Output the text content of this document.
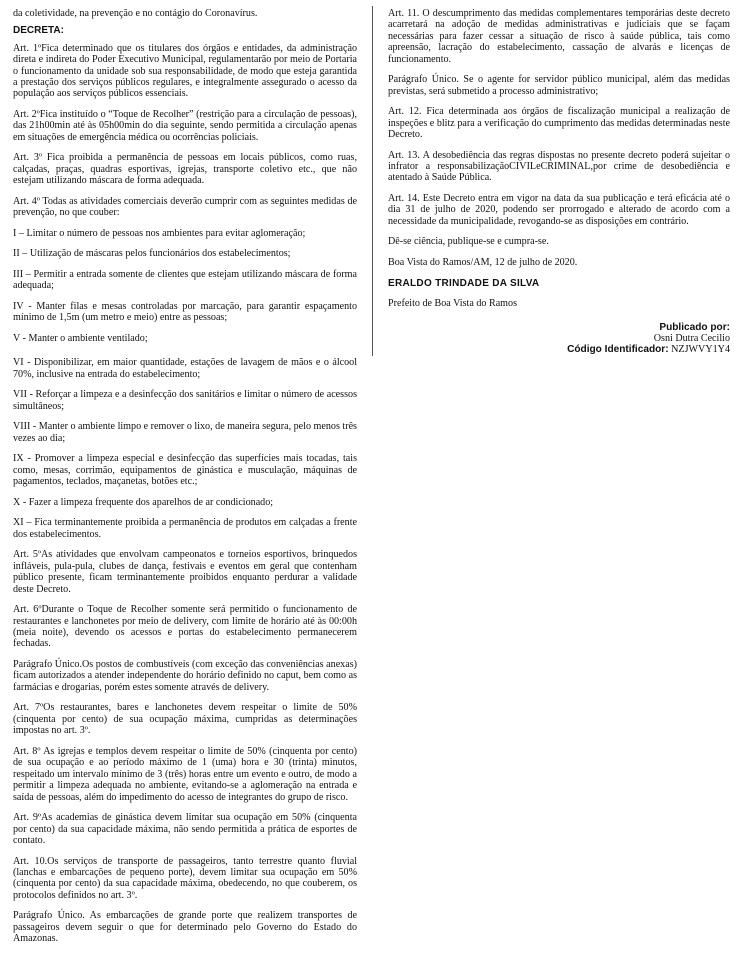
da coletividade, na prevenção e no contágio do Coronavírus.

DECRETA:

Art. 1ºFica determinado que os titulares dos órgãos e entidades, da administração direta e indireta do Poder Executivo Municipal, regulamentarão por meio de Portaria o funcionamento da unidade sob sua responsabilidade, de modo que esteja garantida a prestação dos serviços públicos regulares, e integralmente assegurado o acesso da população aos serviços públicos essenciais.

Art. 2ºFica instituído o “Toque de Recolher” (restrição para a circulação de pessoas), das 21h00min até às 05h00min do dia seguinte, sendo permitida a circulação apenas em situações de emergência médica ou ocorrências policiais.

Art. 3º Fica proibida a permanência de pessoas em locais públicos, como ruas, calçadas, praças, quadras esportivas, igrejas, transporte coletivo etc., que não estejam utilizando máscara de forma adequada.

Art. 4º Todas as atividades comerciais deverão cumprir com as seguintes medidas de prevenção, no que couber:

I – Limitar o número de pessoas nos ambientes para evitar aglomeração;

II – Utilização de máscaras pelos funcionários dos estabelecimentos;

III – Permitir a entrada somente de clientes que estejam utilizando máscara de forma adequada;

IV - Manter filas e mesas controladas por marcação, para garantir espaçamento mínimo de 1,5m (um metro e meio) entre as pessoas;

V - Manter o ambiente ventilado;

VI - Disponibilizar, em maior quantidade, estações de lavagem de mãos e o álcool 70%, inclusive na entrada do estabelecimento;

VII - Reforçar a limpeza e a desinfecção dos sanitários e limitar o número de acessos simultâneos;

VIII - Manter o ambiente limpo e remover o lixo, de maneira segura, pelo menos três vezes ao dia;

IX - Promover a limpeza especial e desinfecção das superfícies mais tocadas, tais como, mesas, corrimão, equipamentos de ginástica e musculação, máquinas de pagamentos, teclados, maçanetas, botões etc.;

X - Fazer a limpeza frequente dos aparelhos de ar condicionado;

XI – Fica terminantemente proibida a permanência de produtos em calçadas a frente dos estabelecimentos.

Art. 5ºAs atividades que envolvam campeonatos e torneios esportivos, brinquedos infláveis, pula-pula, clubes de dança, festivais e eventos em geral que contenham público presente, ficam terminantemente proibidos enquanto perdurar a validade deste Decreto.

Art. 6ºDurante o Toque de Recolher somente será permitido o funcionamento de restaurantes e lanchonetes por meio de delivery, com limite de horário até às 00:00h (meia noite), devendo os acessos e portas do estabelecimento permanecerem fechadas.

Parágrafo Único.Os postos de combustíveis (com exceção das conveniências anexas) ficam autorizados a atender independente do horário definido no caput, bem como as farmácias e drogarias, porém estes somente através de delivery.

Art. 7ºOs restaurantes, bares e lanchonetes devem respeitar o limite de 50% (cinquenta por cento) de sua ocupação máxima, cumpridas as determinações impostas no art. 3º.

Art. 8º As igrejas e templos devem respeitar o limite de 50% (cinquenta por cento) de sua ocupação e ao período máximo de 1 (uma) hora e 30 (trinta) minutos, respeitado um intervalo mínimo de 3 (três) horas entre um evento e outro, de modo a permitir a limpeza adequada no ambiente, evitando-se a aglomeração na entrada e saída de pessoas, além do impedimento do acesso de integrantes do grupo de risco.

Art. 9ºAs academias de ginástica devem limitar sua ocupação em 50% (cinquenta por cento) da sua capacidade máxima, não sendo permitida a prática de esportes de contato.

Art. 10.Os serviços de transporte de passageiros, tanto terrestre quanto fluvial (lanchas e embarcações de pequeno porte), devem limitar sua ocupação em 50% (cinquenta por cento) da sua capacidade máxima, obedecendo, no que couberem, os protocolos definidos no art. 3º.

Parágrafo Único. As embarcações de grande porte que realizem transportes de passageiros devem seguir o que for determinado pelo Governo do Estado do Amazonas.

Art. 11. O descumprimento das medidas complementares temporárias deste decreto acarretará na adoção de medidas administrativas e judiciais que se façam necessárias para fazer cessar a situação de risco à saúde pública, tais como apreensão, lacração do estabelecimento, cassação de alvarás e licenças de funcionamento.

Parágrafo Único. Se o agente for servidor público municipal, além das medidas previstas, será submetido a processo administrativo;

Art. 12. Fica determinada aos órgãos de fiscalização municipal a realização de inspeções e blitz para a verificação do cumprimento das medidas determinadas neste Decreto.

Art. 13. A desobediência das regras dispostas no presente decreto poderá sujeitar o infrator a responsabilizaçãoCIVILeCRIMINAL,por crime de desobediência e atentado à Saúde Pública.

Art. 14. Este Decreto entra em vigor na data da sua publicação e terá eficácia até o dia 31 de julho de 2020, podendo ser prorrogado e alterado de acordo com a necessidade da municipalidade, revogando-se as disposições em contrário.

Dê-se ciência, publique-se e cumpra-se.

Boa Vista do Ramos/AM, 12 de julho de 2020.

ERALDO TRINDADE DA SILVA

Prefeito de Boa Vista do Ramos

Publicado por:
Osni Dutra Cecilio
Código Identificador: NZJWVY1Y4
